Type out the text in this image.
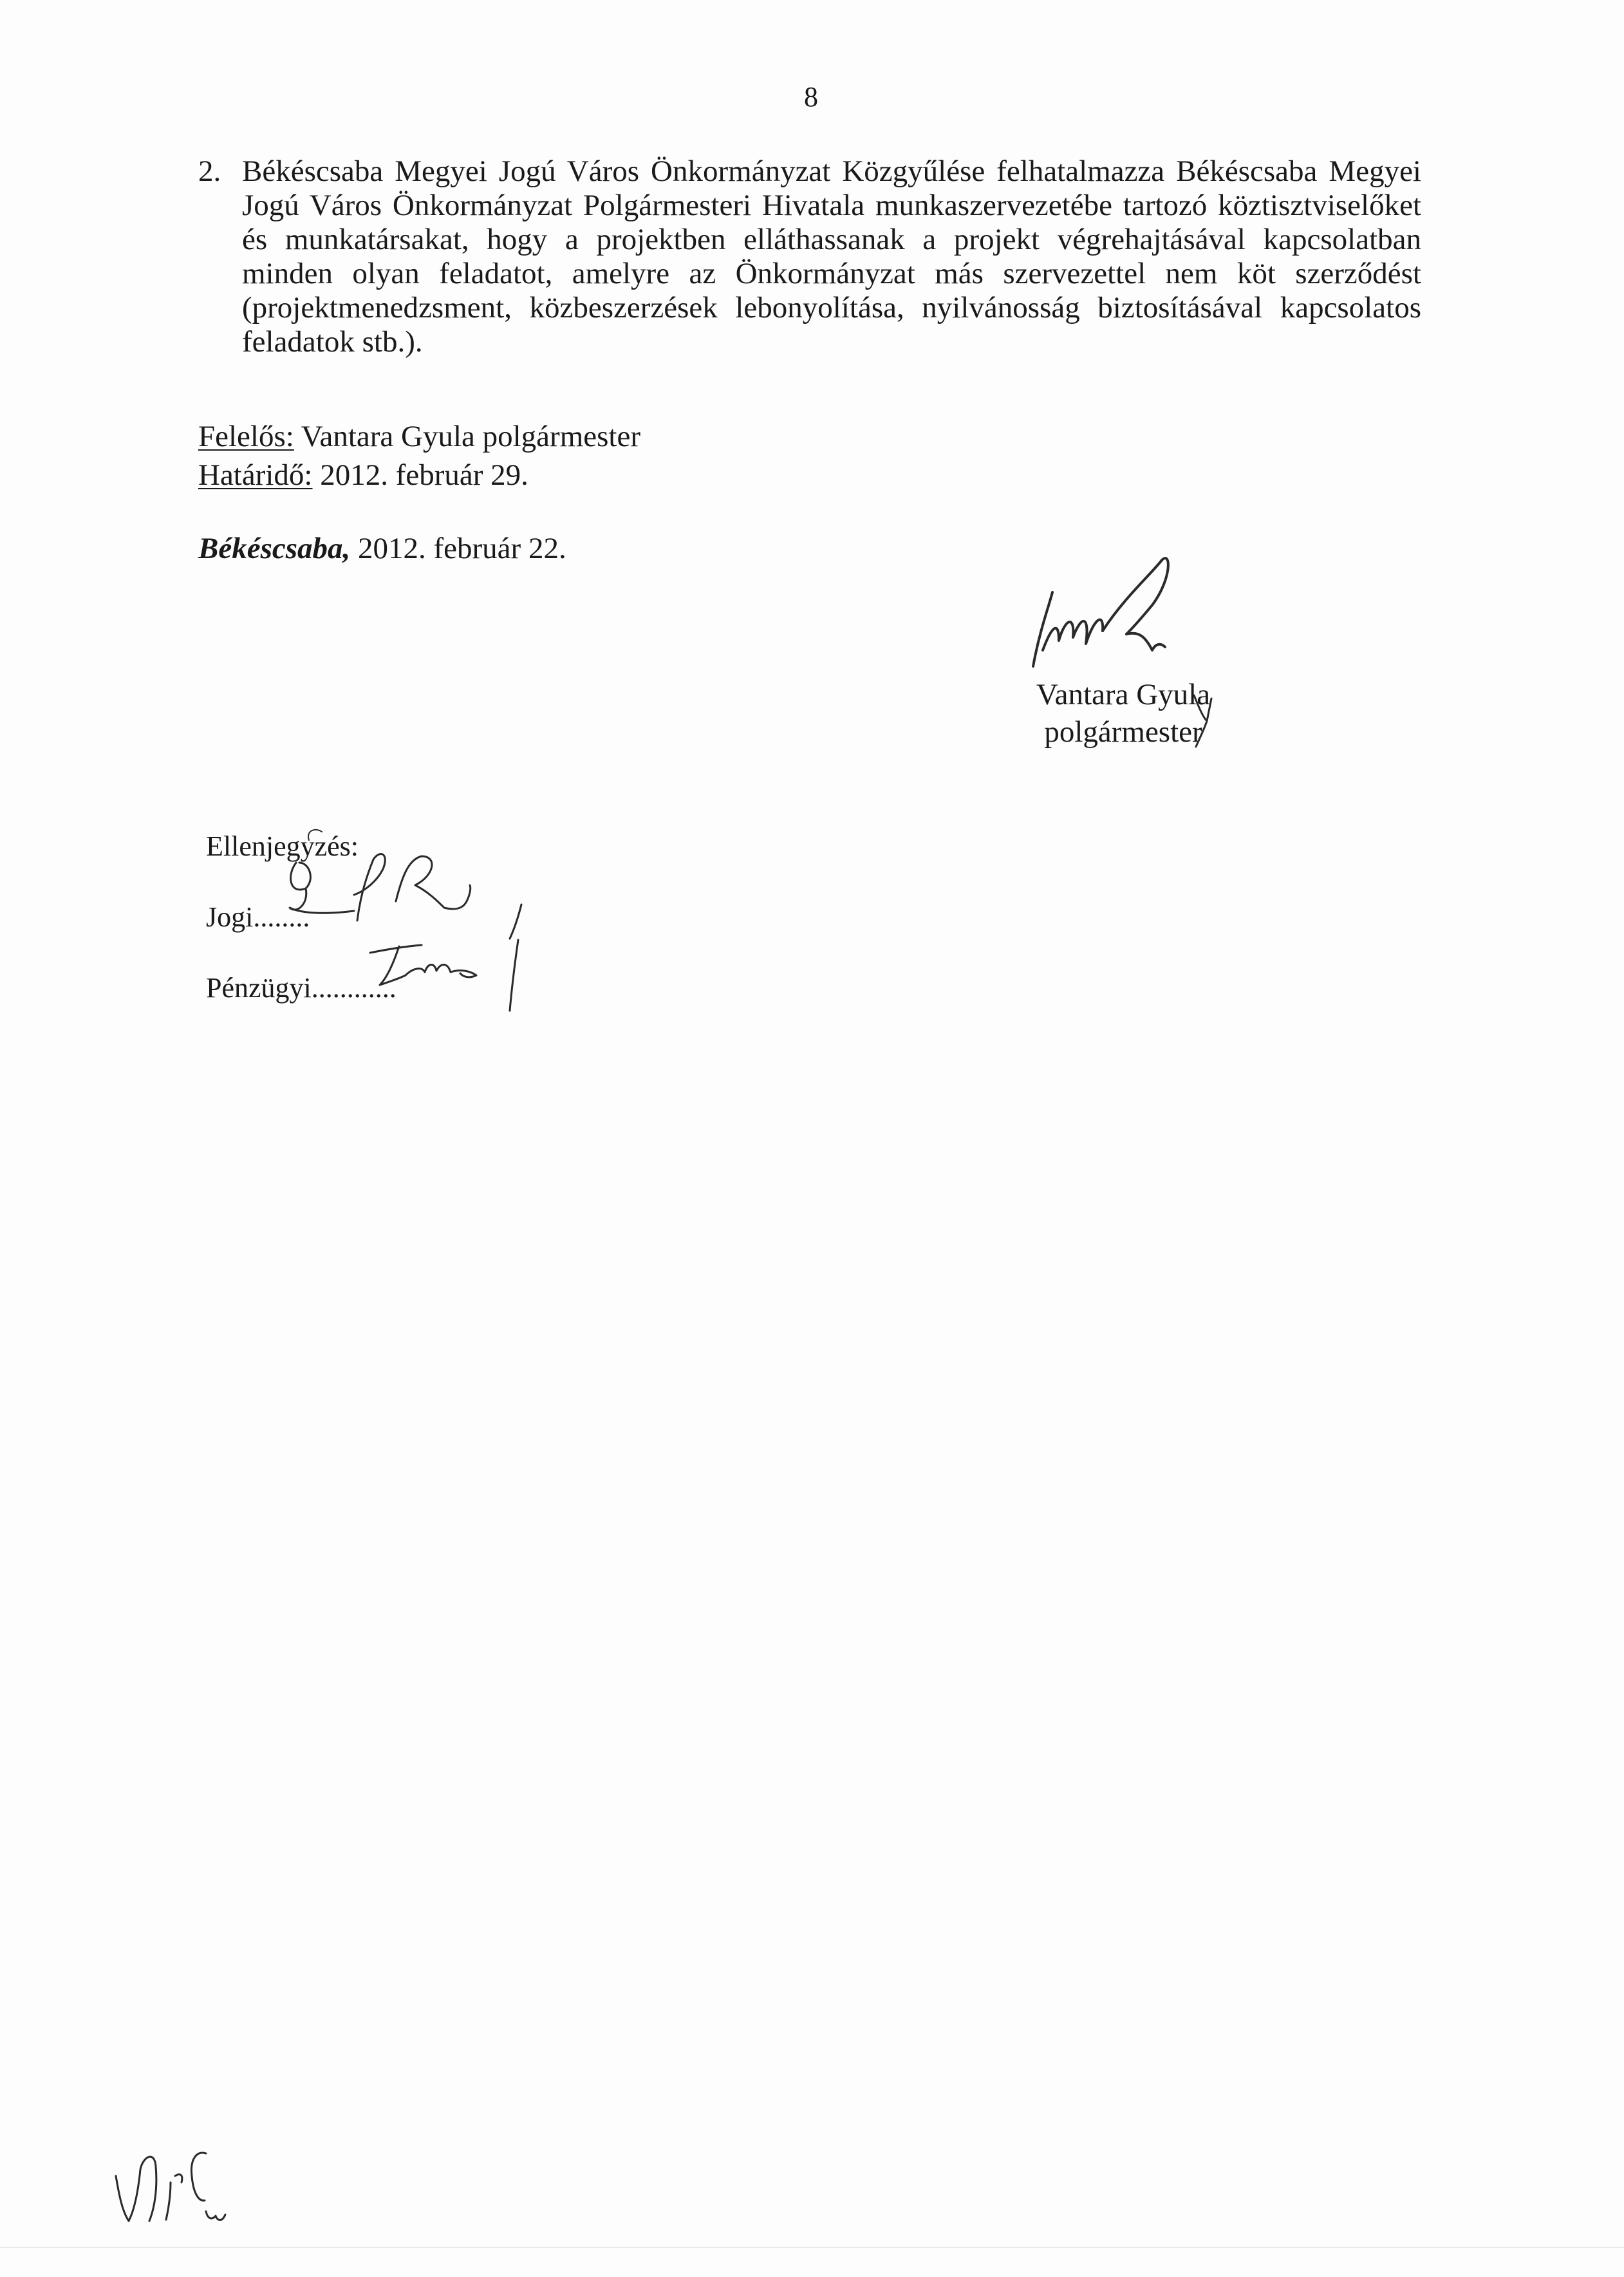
8
2. Békéscsaba Megyei Jogú Város Önkormányzat Közgyűlése felhatalmazza Békéscsaba Megyei Jogú Város Önkormányzat Polgármesteri Hivatala munkaszervezetébe tartozó köztisztviselőket és munkatársakat, hogy a projektben elláthassanak a projekt végrehajtásával kapcsolatban minden olyan feladatot, amelyre az Önkormányzat más szervezettel nem köt szerződést (projektmenedzsment, közbeszerzések lebonyolítása, nyilvánosság biztosításával kapcsolatos feladatok stb.).
Felelős: Vantara Gyula polgármester
Határidő: 2012. február 29.
Békéscsaba, 2012. február 22.
Vantara Gyula
polgármester
Ellenjegyzés:
Jogi........
Pénzügyi............
